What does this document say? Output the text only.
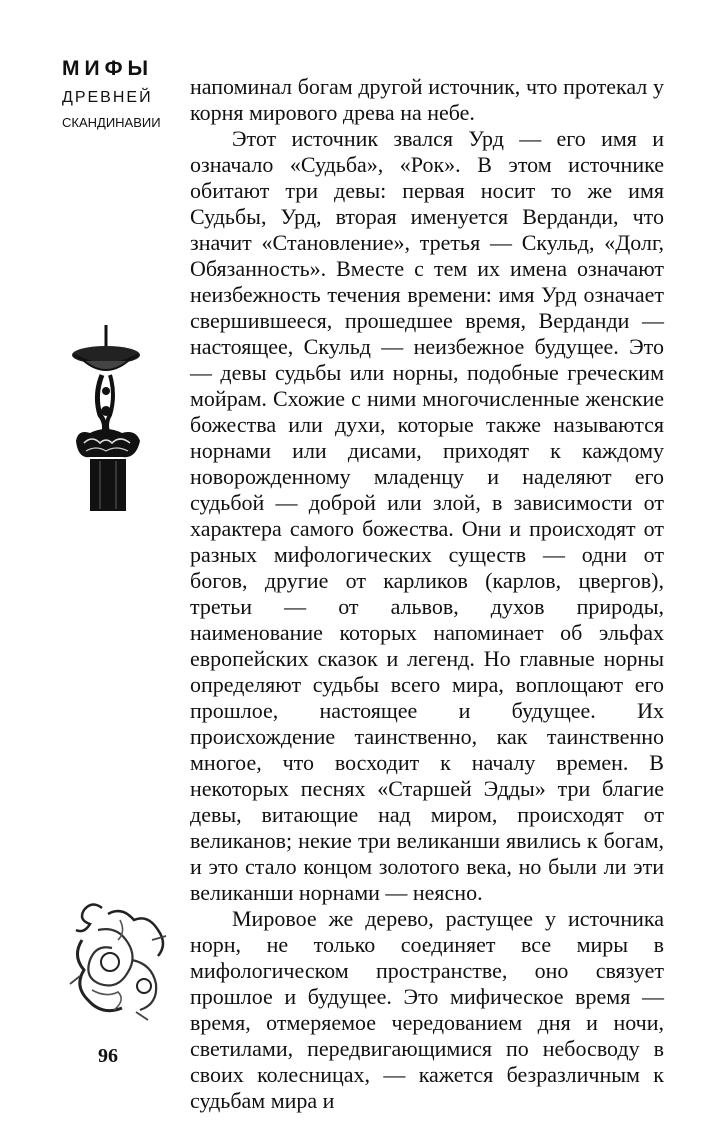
МИФЫ
ДРЕВНЕЙ
СКАНДИНАВИИ
96

напоминал богам другой источник, что протекал у корня мирового древа на небе.

Этот источник звался Урд — его имя и означало «Судьба», «Рок». В этом источнике обитают три девы: первая носит то же имя Судьбы, Урд, вторая именуется Верданди, что значит «Становление», третья — Скульд, «Долг, Обязанность». Вместе с тем их имена означают неизбежность течения времени: имя Урд означает свершившееся, прошедшее время, Верданди — настоящее, Скульд — неизбежное будущее. Это — девы судьбы или норны, подобные греческим мойрам. Схожие с ними многочисленные женские божества или духи, которые также называются норнами или дисами, приходят к каждому новорожденному младенцу и наделяют его судьбой — доброй или злой, в зависимости от характера самого божества. Они и происходят от разных мифологических существ — одни от богов, другие от карликов (карлов, цвергов), третьи — от альвов, духов природы, наименование которых напоминает об эльфах европейских сказок и легенд. Но главные норны определяют судьбы всего мира, воплощают его прошлое, настоящее и будущее. Их происхождение таинственно, как таинственно многое, что восходит к началу времен. В некоторых песнях «Старшей Эдды» три благие девы, витающие над миром, происходят от великанов; некие три великанши явились к богам, и это стало концом золотого века, но были ли эти великанши норнами — неясно.

Мировое же дерево, растущее у источника норн, не только соединяет все миры в мифологическом пространстве, оно связует прошлое и будущее. Это мифическое время — время, отмеряемое чередованием дня и ночи, светилами, передвигающимися по небосводу в своих колесницах, — кажется безразличным к судьбам мира и
